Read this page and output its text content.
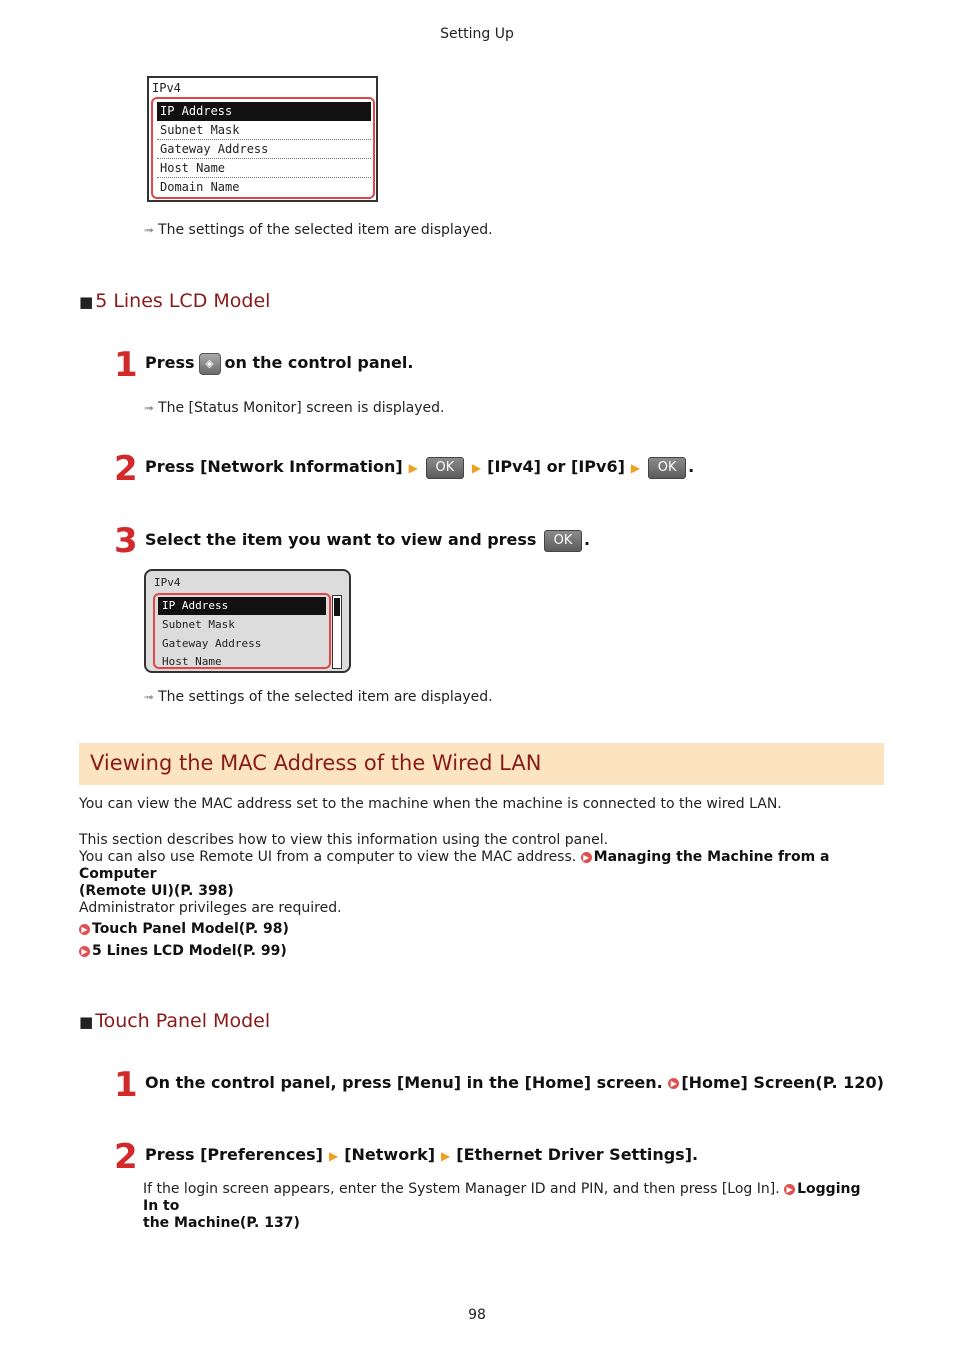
Setting Up
IPv4
IP Address
Subnet Mask
Gateway Address
Host Name
Domain Name
➟ The settings of the selected item are displayed.
■ 5 Lines LCD Model
1 Press ◈ on the control panel.
➟ The [Status Monitor] screen is displayed.
2 Press [Network Information] ▶ OK ▶ [IPv4] or [IPv6] ▶ OK .
3 Select the item you want to view and press OK .
IPv4
IP Address
Subnet Mask
Gateway Address
Host Name
➟ The settings of the selected item are displayed.
Viewing the MAC Address of the Wired LAN
You can view the MAC address set to the machine when the machine is connected to the wired LAN.
This section describes how to view this information using the control panel.
You can also use Remote UI from a computer to view the MAC address. ▶ Managing the Machine from a Computer
(Remote UI)(P. 398)
Administrator privileges are required.
▶ Touch Panel Model(P. 98)
▶ 5 Lines LCD Model(P. 99)
■ Touch Panel Model
1 On the control panel, press [Menu] in the [Home] screen. ▶ [Home] Screen(P. 120)
2 Press [Preferences] ▶ [Network] ▶ [Ethernet Driver Settings].
If the login screen appears, enter the System Manager ID and PIN, and then press [Log In]. ▶ Logging In to
the Machine(P. 137)
98
